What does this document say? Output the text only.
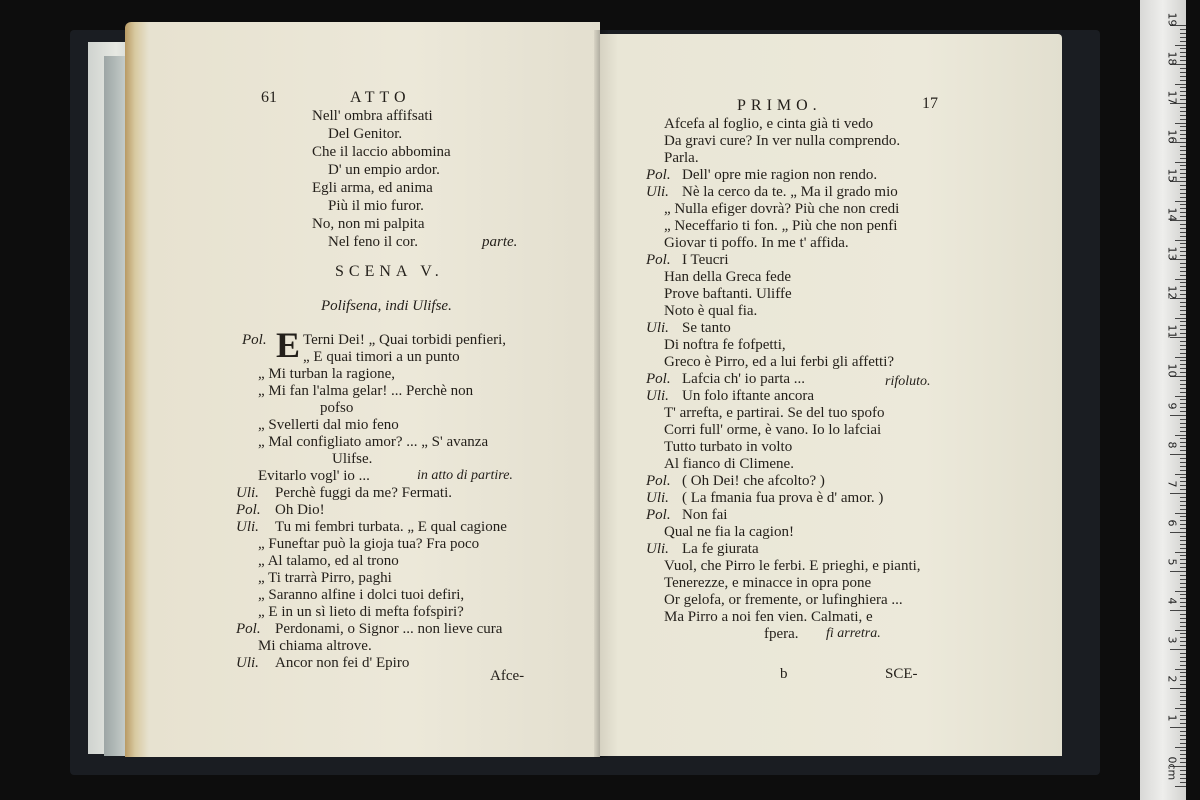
61	ATTO
Nell' ombra affifsati
Del Genitor.
Che il laccio abbomina
D' un empio ardor.
Egli arma, ed anima
Più il mio furor.
No, non mi palpita
Nel feno il cor.	parte.
SCENA V.
Polifsena, indi Ulifse.
Pol. E Terni Dei! „ Quai torbidi penfieri,
„ E quai timori a un punto
„ Mi turban la ragione,
„ Mi fan l'alma gelar! ... Perchè non
pofso
„ Svellerti dal mio feno
„ Mal configliato amor? ... „ S' avanza
Ulifse.
Evitarlo vogl' io ...	in atto di partire.
Uli. Perchè fuggi da me? Fermati.
Pol. Oh Dio!
Uli. Tu mi fembri turbata. „ E qual cagione
„ Funeftar può la gioja tua? Fra poco
„ Al talamo, ed al trono
„ Ti trarrà Pirro, paghi
„ Saranno alfine i dolci tuoi defiri,
„ E in un sì lieto di mefta fofspiri?
Pol. Perdonami, o Signor ... non lieve cura
Mi chiama altrove.
Uli. Ancor non fei d' Epiro
Afce-
PRIMO.	17
Afcefa al foglio, e cinta già ti vedo
Da gravi cure? In ver nulla comprendo.
Parla.
Pol. Dell' opre mie ragion non rendo.
Uli. Nè la cerco da te. „ Ma il grado mio
„ Nulla efiger dovrà? Più che non credi
„ Neceffario ti fon. „ Più che non penfi
Giovar ti poffo. In me t' affida.
Pol. I Teucri
Han della Greca fede
Prove baftanti. Uliffe
Noto è qual fia.
Uli. Se tanto
Di noftra fe fofpetti,
Greco è Pirro, ed a lui ferbi gli affetti?
Pol. Lafcia ch' io parta ...	rifoluto.
Uli. Un folo iftante ancora
T' arrefta, e partirai. Se del tuo spofo
Corri full' orme, è vano. Io lo lafciai
Tutto turbato in volto
Al fianco di Climene.
Pol. ( Oh Dei! che afcolto? )
Uli. ( La fmania fua prova è d' amor. )
Pol. Non fai
Qual ne fia la cagion!
Uli. La fe giurata
Vuol, che Pirro le ferbi. E prieghi, e pianti,
Tenerezze, e minacce in opra pone
Or gelofa, or fremente, or lufinghiera ...
Ma Pirro a noi fen vien. Calmati, e
fpera. fi arretra.
b	SCE-
19
18
17
16
15
14
13
12
11
10
9
8
7
6
5
4
3
2
1
0cm
